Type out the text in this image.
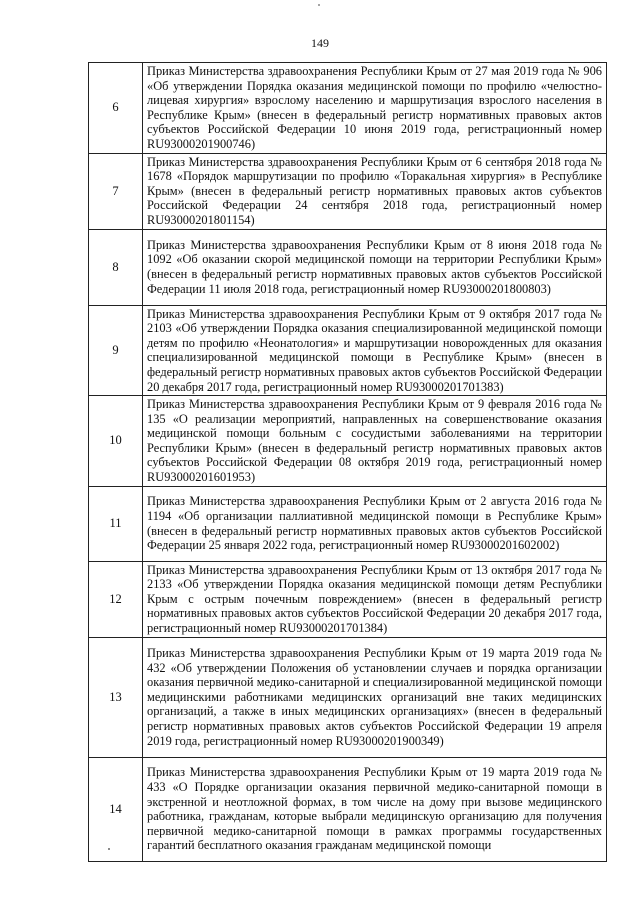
149
6	Приказ Министерства здравоохранения Республики Крым от 27 мая 2019 года № 906 «Об утверждении Порядка оказания медицинской помощи по профилю «челюстно-лицевая хирургия» взрослому населению и маршрутизация взрослого населения в Республике Крым» (внесен в федеральный регистр нормативных правовых актов субъектов Российской Федерации 10 июня 2019 года, регистрационный номер RU93000201900746)
7	Приказ Министерства здравоохранения Республики Крым от 6 сентября 2018 года № 1678 «Порядок маршрутизации по профилю «Торакальная хирургия» в Республике Крым» (внесен в федеральный регистр нормативных правовых актов субъектов Российской Федерации 24 сентября 2018 года, регистрационный номер RU93000201801154)
8	Приказ Министерства здравоохранения Республики Крым от 8 июня 2018 года № 1092 «Об оказании скорой медицинской помощи на территории Республики Крым» (внесен в федеральный регистр нормативных правовых актов субъектов Российской Федерации 11 июля 2018 года, регистрационный номер RU93000201800803)
9	Приказ Министерства здравоохранения Республики Крым от 9 октября 2017 года № 2103 «Об утверждении Порядка оказания специализированной медицинской помощи детям по профилю «Неонатология» и маршрутизации новорожденных для оказания специализированной медицинской помощи в Республике Крым» (внесен в федеральный регистр нормативных правовых актов субъектов Российской Федерации 20 декабря 2017 года, регистрационный номер RU93000201701383)
10	Приказ Министерства здравоохранения Республики Крым от 9 февраля 2016 года № 135 «О реализации мероприятий, направленных на совершенствование оказания медицинской помощи больным с сосудистыми заболеваниями на территории Республики Крым» (внесен в федеральный регистр нормативных правовых актов субъектов Российской Федерации 08 октября 2019 года, регистрационный номер RU93000201601953)
11	Приказ Министерства здравоохранения Республики Крым от 2 августа 2016 года № 1194 «Об организации паллиативной медицинской помощи в Республике Крым» (внесен в федеральный регистр нормативных правовых актов субъектов Российской Федерации 25 января 2022 года, регистрационный номер RU93000201602002)
12	Приказ Министерства здравоохранения Республики Крым от 13 октября 2017 года № 2133 «Об утверждении Порядка оказания медицинской помощи детям Республики Крым с острым почечным повреждением» (внесен в федеральный регистр нормативных правовых актов субъектов Российской Федерации 20 декабря 2017 года, регистрационный номер RU93000201701384)
13	Приказ Министерства здравоохранения Республики Крым от 19 марта 2019 года № 432 «Об утверждении Положения об установлении случаев и порядка организации оказания первичной медико-санитарной и специализированной медицинской помощи медицинскими работниками медицинских организаций вне таких медицинских организаций, а также в иных медицинских организациях» (внесен в федеральный регистр нормативных правовых актов субъектов Российской Федерации 19 апреля 2019 года, регистрационный номер RU93000201900349)
14	Приказ Министерства здравоохранения Республики Крым от 19 марта 2019 года № 433 «О Порядке организации оказания первичной медико-санитарной помощи в экстренной и неотложной формах, в том числе на дому при вызове медицинского работника, гражданам, которые выбрали медицинскую организацию для получения первичной медико-санитарной помощи в рамках программы государственных гарантий бесплатного оказания гражданам медицинской помощи
